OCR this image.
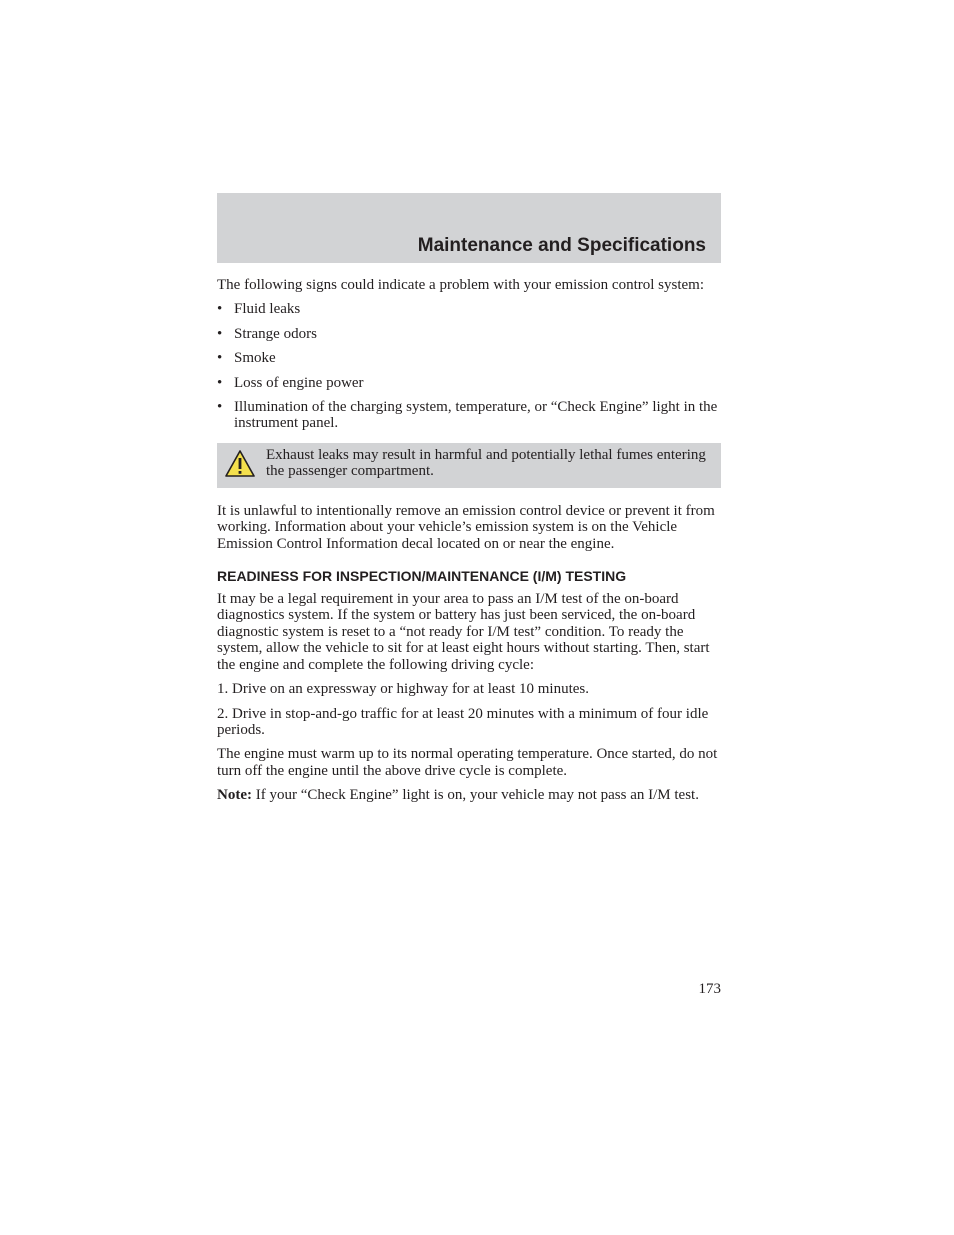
Maintenance and Specifications

The following signs could indicate a problem with your emission control system:

• Fluid leaks
• Strange odors
• Smoke
• Loss of engine power
• Illumination of the charging system, temperature, or “Check Engine” light in the instrument panel.
Exhaust leaks may result in harmful and potentially lethal fumes entering the passenger compartment.

It is unlawful to intentionally remove an emission control device or prevent it from working. Information about your vehicle’s emission system is on the Vehicle Emission Control Information decal located on or near the engine.

READINESS FOR INSPECTION/MAINTENANCE (I/M) TESTING

It may be a legal requirement in your area to pass an I/M test of the on-board diagnostics system. If the system or battery has just been serviced, the on-board diagnostic system is reset to a “not ready for I/M test” condition. To ready the system, allow the vehicle to sit for at least eight hours without starting. Then, start the engine and complete the following driving cycle:

1. Drive on an expressway or highway for at least 10 minutes.

2. Drive in stop-and-go traffic for at least 20 minutes with a minimum of four idle periods.

The engine must warm up to its normal operating temperature. Once started, do not turn off the engine until the above drive cycle is complete.

Note: If your “Check Engine” light is on, your vehicle may not pass an I/M test.

173
